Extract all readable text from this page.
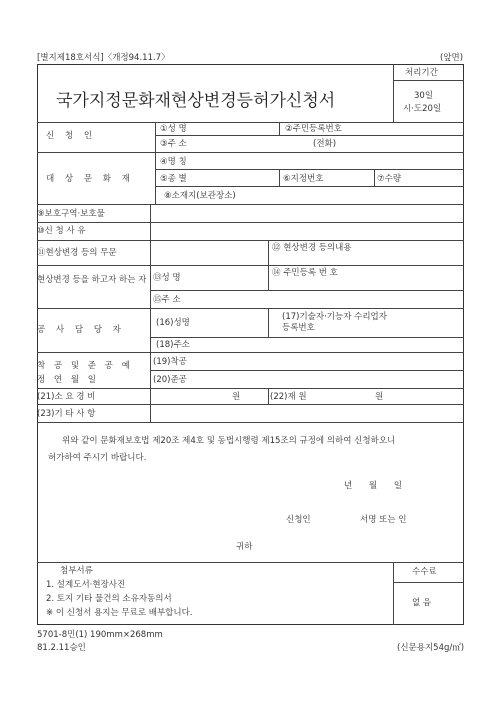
[별지제18호서식]〈개정94.11.7〉	(앞면)
국가지정문화재현상변경등허가신청서
처리기간
30일
시·도20일
신 청 인
①성 명	②주민등록번호
③주 소	(전화)
대 상 문 화 재
④명 칭
⑤종 별	⑥지정번호	⑦수량
⑧소재지(보관장소)
⑨보호구역·보호물
⑩신 청 사 유
⑪현상변경 등의 무문	⑫ 현상변경 등의내용
현상변경 등을 하고자 하는 자 ⑬성 명	⑭ 주민등록 번 호
⑮주 소
공 사 담 당 자
(16)성명
(17)기술자·기능자 수리업자등록번호
(18)주소
착 공 및 준 공 예 정 연 월 일
(19)착공
(20)준공
(21)소 요 경 비	원	(22)재 원	원
(23)기 타 사 항
위와 같이 문화재보호법 제20조 제4호 및 동법시행령 제15조의 규정에 의하여 신청하오니
허가하여 주시기 바랍니다.
년 월 일
신청인	서명 또는 인
귀하
첨부서류
1. 설계도서·현장사진
2. 토지 기타 물건의 소유자동의서
※ 이 신청서 용지는 무료로 배부합니다.
수수료
없 음
5701-8민(1) 190mm×268mm
81.2.11승인	(신문용지54g/㎡)
